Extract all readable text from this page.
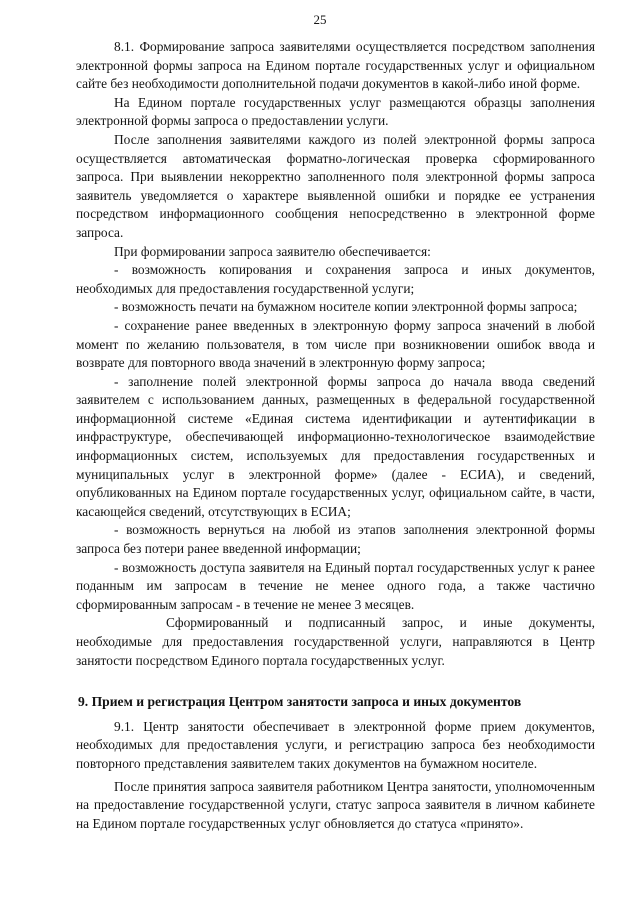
25

8.1. Формирование запроса заявителями осуществляется посредством заполнения электронной формы запроса на Едином портале государственных услуг и официальном сайте без необходимости дополнительной подачи документов в какой-либо иной форме.

На Едином портале государственных услуг размещаются образцы заполнения электронной формы запроса о предоставлении услуги.

После заполнения заявителями каждого из полей электронной формы запроса осуществляется автоматическая форматно-логическая проверка сформированного запроса. При выявлении некорректно заполненного поля электронной формы запроса заявитель уведомляется о характере выявленной ошибки и порядке ее устранения посредством информационного сообщения непосредственно в электронной форме запроса.

При формировании запроса заявителю обеспечивается:

- возможность копирования и сохранения запроса и иных документов, необходимых для предоставления государственной услуги;

- возможность печати на бумажном носителе копии электронной формы запроса;

- сохранение ранее введенных в электронную форму запроса значений в любой момент по желанию пользователя, в том числе при возникновении ошибок ввода и возврате для повторного ввода значений в электронную форму запроса;

- заполнение полей электронной формы запроса до начала ввода сведений заявителем с использованием данных, размещенных в федеральной государственной информационной системе «Единая система идентификации и аутентификации в инфраструктуре, обеспечивающей информационно-технологическое взаимодействие информационных систем, используемых для предоставления государственных и муниципальных услуг в электронной форме» (далее - ЕСИА), и сведений, опубликованных на Едином портале государственных услуг, официальном сайте, в части, касающейся сведений, отсутствующих в ЕСИА;

- возможность вернуться на любой из этапов заполнения электронной формы запроса без потери ранее введенной информации;

- возможность доступа заявителя на Единый портал государственных услуг к ранее поданным им запросам в течение не менее одного года, а также частично сформированным запросам - в течение не менее 3 месяцев.

Сформированный и подписанный запрос, и иные документы, необходимые для предоставления государственной услуги, направляются в Центр занятости посредством Единого портала государственных услуг.

9. Прием и регистрация Центром занятости запроса и иных документов

9.1. Центр занятости обеспечивает в электронной форме прием документов, необходимых для предоставления услуги, и регистрацию запроса без необходимости повторного представления заявителем таких документов на бумажном носителе.

После принятия запроса заявителя работником Центра занятости, уполномоченным на предоставление государственной услуги, статус запроса заявителя в личном кабинете на Едином портале государственных услуг обновляется до статуса «принято».
